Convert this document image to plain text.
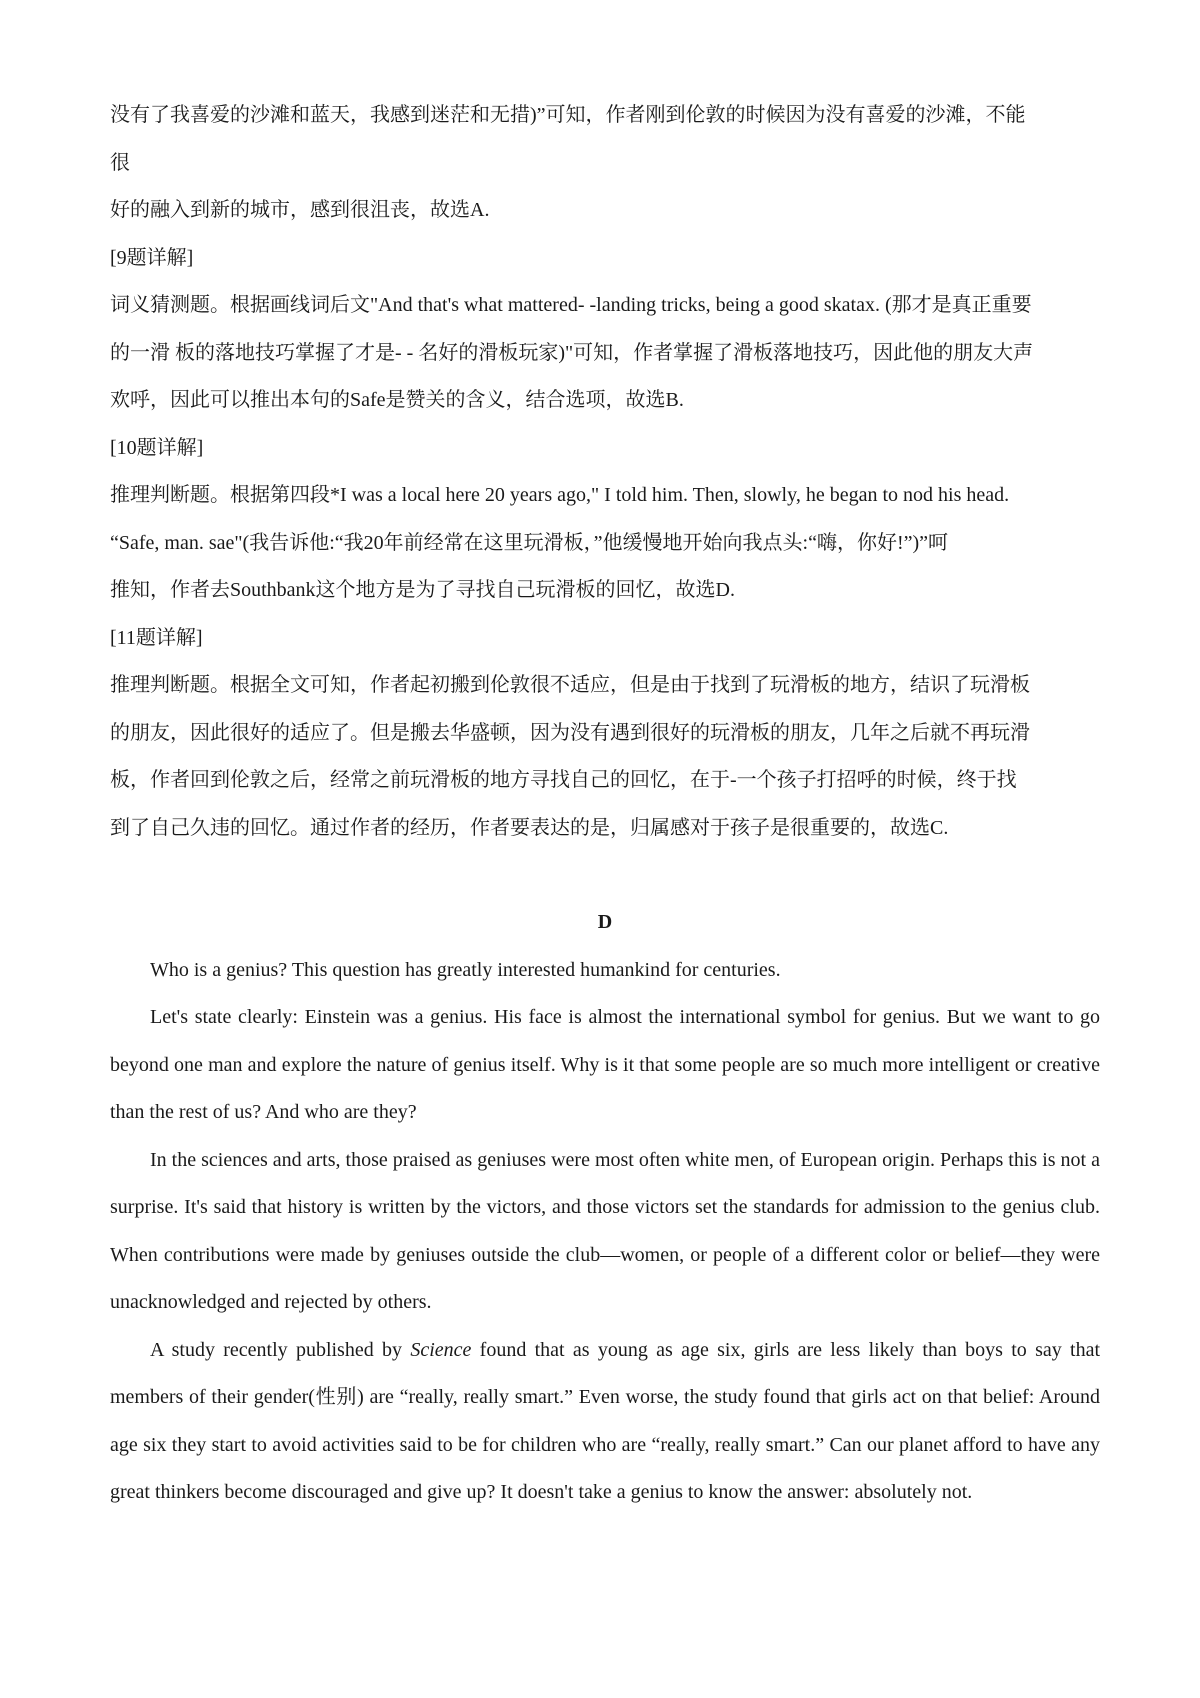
没有了我喜爱的沙滩和蓝天，我感到迷茫和无措)”可知，作者刚到伦敦的时候因为没有喜爱的沙滩，不能
很
好的融入到新的城市，感到很沮丧，故选A.
[9题详解]
词义猜测题。根据画线词后文"And that's what mattered- -landing tricks, being a good skatax. (那才是真正重要
的一滑 板的落地技巧掌握了才是- - 名好的滑板玩家)"可知，作者掌握了滑板落地技巧，因此他的朋友大声
欢呼，因此可以推出本句的Safe是赞关的含义，结合选项，故选B.
[10题详解]
推理判断题。根据第四段*I was a local here 20 years ago," I told him. Then, slowly, he began to nod his head.
“Safe, man. sae"(我告诉他:“我20年前经常在这里玩滑板，”他缓慢地开始向我点头:“嗨，你好!”)”呵
推知，作者去Southbank这个地方是为了寻找自己玩滑板的回忆，故选D.
[11题详解]
推理判断题。根据全文可知，作者起初搬到伦敦很不适应，但是由于找到了玩滑板的地方，结识了玩滑板
的朋友，因此很好的适应了。但是搬去华盛顿，因为没有遇到很好的玩滑板的朋友，几年之后就不再玩滑
板，作者回到伦敦之后，经常之前玩滑板的地方寻找自己的回忆，在于-一个孩子打招呼的时候，终于找
到了自己久违的回忆。通过作者的经历，作者要表达的是，归属感对于孩子是很重要的，故选C.
D

Who is a genius? This question has greatly interested humankind for centuries.

Let's state clearly: Einstein was a genius. His face is almost the international symbol for genius. But we want to go beyond one man and explore the nature of genius itself. Why is it that some people are so much more intelligent or creative than the rest of us? And who are they?

In the sciences and arts, those praised as geniuses were most often white men, of European origin. Perhaps this is not a surprise. It's said that history is written by the victors, and those victors set the standards for admission to the genius club. When contributions were made by geniuses outside the club—women, or people of a different color or belief—they were unacknowledged and rejected by others.

A study recently published by Science found that as young as age six, girls are less likely than boys to say that members of their gender(性别) are “really, really smart.” Even worse, the study found that girls act on that belief: Around age six they start to avoid activities said to be for children who are “really, really smart.” Can our planet afford to have any great thinkers become discouraged and give up? It doesn't take a genius to know the answer: absolutely not.
